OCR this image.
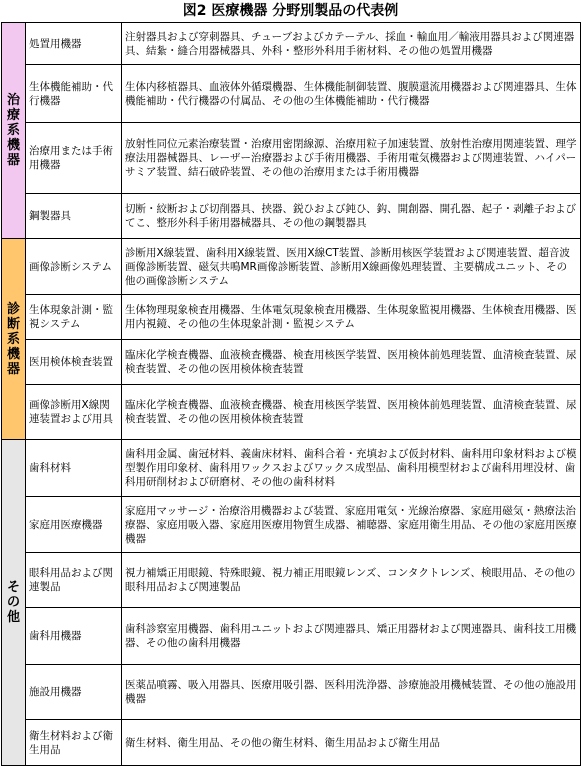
図2 医療機器 分野別製品の代表例
治療系機器	処置用機器	注射器具および穿刺器具、チューブおよびカテーテル、採血・輸血用／輸液用器具および関連器具、結紮・縫合用器械器具、外科・整形外科用手術材料、その他の処置用機器
	生体機能補助・代行機器	生体内移植器具、血液体外循環機器、生体機能制御装置、腹膜還流用機器および関連器具、生体機能補助・代行機器の付属品、その他の生体機能補助・代行機器
	治療用または手術用機器	放射性同位元素治療装置・治療用密閉線源、治療用粒子加速装置、放射性治療用関連装置、理学療法用器械器具、レーザー治療器および手術用機器、手術用電気機器および関連装置、ハイパーサミア装置、結石破砕装置、その他の治療用または手術用機器
	鋼製器具	切断・絞断および切削器具、挟器、鋭ひおよび鈍ひ、鈎、開創器、開孔器、起子・剥離子およびてこ、整形外科手術用器械器具、その他の鋼製器具
診断系機器	画像診断システム	診断用X線装置、歯科用X線装置、医用X線CT装置、診断用核医学装置および関連装置、超音波画像診断装置、磁気共鳴MR画像診断装置、診断用X線画像処理装置、主要構成ユニット、その他の画像診断システム
	生体現象計測・監視システム	生体物理現象検査用機器、生体電気現象検査用機器、生体現象監視用機器、生体検査用機器、医用内視鏡、その他の生体現象計測・監視システム
	医用検体検査装置	臨床化学検査機器、血液検査機器、検査用核医学装置、医用検体前処理装置、血清検査装置、尿検査装置、その他の医用検体検査装置
	画像診断用X線関連装置および用具	臨床化学検査機器、血液検査機器、検査用核医学装置、医用検体前処理装置、血清検査装置、尿検査装置、その他の医用検体検査装置
その他	歯科材料	歯科用金属、歯冠材料、義歯床材料、歯科合着・充填および仮封材料、歯科用印象材料および模型製作用印象材、歯科用ワックスおよびワックス成型品、歯科用模型材および歯科用埋没材、歯科用研削材および研磨材、その他の歯科材料
	家庭用医療機器	家庭用マッサージ・治療浴用機器および装置、家庭用電気・光線治療器、家庭用磁気・熱療法治療器、家庭用吸入器、家庭用医療用物質生成器、補聴器、家庭用衛生用品、その他の家庭用医療機器
	眼科用品および関連製品	視力補矯正用眼鏡、特殊眼鏡、視力補正用眼鏡レンズ、コンタクトレンズ、検眼用品、その他の眼科用品および関連製品
	歯科用機器	歯科診察室用機器、歯科用ユニットおよび関連器具、矯正用器材および関連器具、歯科技工用機器、その他の歯科用機器
	施設用機器	医薬品噴霧、吸入用器具、医療用吸引器、医科用洗浄器、診療施設用機械装置、その他の施設用機器
	衛生材料および衛生用品	衛生材料、衛生用品、その他の衛生材料、衛生用品および衛生用品
